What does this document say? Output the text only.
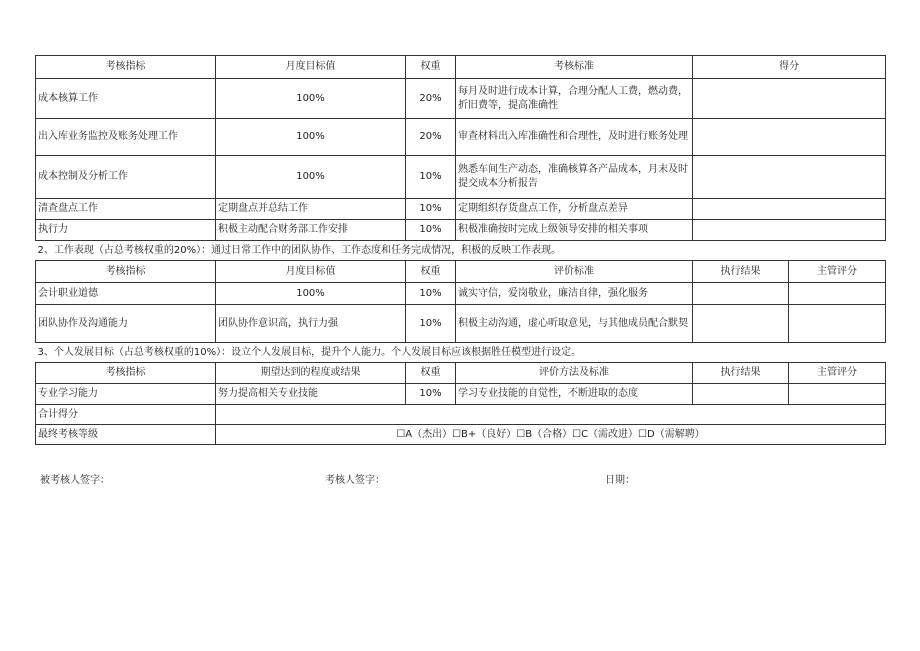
考核指标	月度目标值	权重	考核标准	得分	
成本核算工作	100%	20%	每月及时进行成本计算，合理分配人工费，燃动费，折旧费等，提高准确性		
出入库业务监控及账务处理工作	100%	20%	审查材料出入库准确性和合理性，及时进行账务处理		
成本控制及分析工作	100%	10%	熟悉车间生产动态，准确核算各产品成本，月末及时提交成本分析报告		
清查盘点工作	定期盘点并总结工作	10%	定期组织存货盘点工作，分析盘点差异		
执行力	积极主动配合财务部工作安排	10%	积极准确按时完成上级领导安排的相关事项		
2、工作表现（占总考核权重的20%）：通过日常工作中的团队协作、工作态度和任务完成情况，积极的反映工作表现。					
考核指标	月度目标值	权重	评价标准	执行结果	主管评分
会计职业道德	100%	10%	诚实守信，爱岗敬业，廉洁自律，强化服务		
团队协作及沟通能力	团队协作意识高，执行力强	10%	积极主动沟通，虚心听取意见，与其他成员配合默契		
3、个人发展目标（占总考核权重的10%）：设立个人发展目标，提升个人能力。个人发展目标应该根据胜任模型进行设定。					
考核指标	期望达到的程度或结果	权重	评价方法及标准	执行结果	主管评分
专业学习能力	努力提高相关专业技能	10%	学习专业技能的自觉性，不断进取的态度		
合计得分					
最终考核等级	☐A（杰出）☐B+（良好）☐B（合格）☐C（需改进）☐D（需解聘）				
被考核人签字：	考核人签字：	日期：
